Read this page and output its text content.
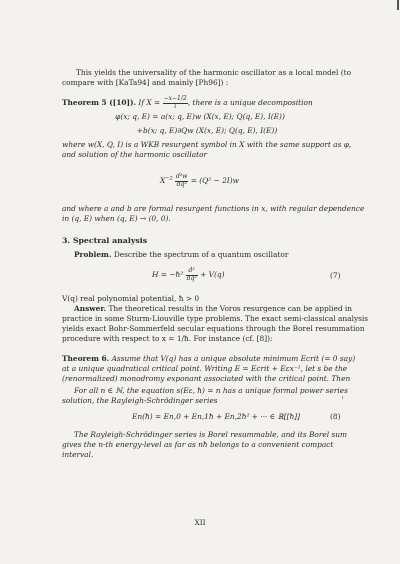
This yields the universality of the harmonic oscillator as a local model (to
compare with [KaTa94] and mainly [Ph96]) :
Theorem 5 ([10]). If $X = \frac{-x-1/2}{i}$ , there is a unique decomposition
φ(x; q, E) = a(x; q, E)w (X(x, E); Q(q, E), I(E))
+b(x; q, E)∂Qw (X(x, E); Q(q, E), I(E))
where w(X, Q, I) is a WKB resurgent symbol in X with the same support as φ,
and solution of the harmonic oscillator
$X^{-2} \frac{\text{d²w}}{\text{dq²}} = (Q^2 - 2I)w$
and where a and b are formal resurgent functions in x, with regular dependence
in (q, E) when (q, E) → (0, 0).
3. Spectral analysis
Problem. Describe the spectrum of a quantum oscillator
H = −ħ² $\frac{\text{d²}}{\text{dq²}} + V(q)$	(7)
V(q) real polynomial potential, ħ > 0
Answer. The theoretical results in the Voros resurgence can be applied in
practice in some Sturm-Liouville type problems. The exact semi-classical analysis
yields exact Bohr-Sommerfeld secular equations through the Borel resummation
procedure with respect to x = 1/ħ. For instance (cf. [8]):
Theorem 6. Assume that V(q) has a unique absolute minimum Ecrit (= 0 say)
at a unique quadratical critical point. Writing E = Ecrit + Eεx⁻¹, let s be the
(renormalized) monodromy exponant associated with the critical point. Then
For all n ∈ ℕ, the equation s(Eε, ħ) = n has a unique formal power series
solution, the Rayleigh-Schrödinger series
En(ħ) = En,0 + En,1ħ + En,2ħ² + ··· ∈ ℝ[[ħ]]	(8)
The Rayleigh-Schrödinger series is Borel resummable, and its Borel sum
gives the n-th energy-level as far as nħ belongs to a convenient compact
interval.
XII
